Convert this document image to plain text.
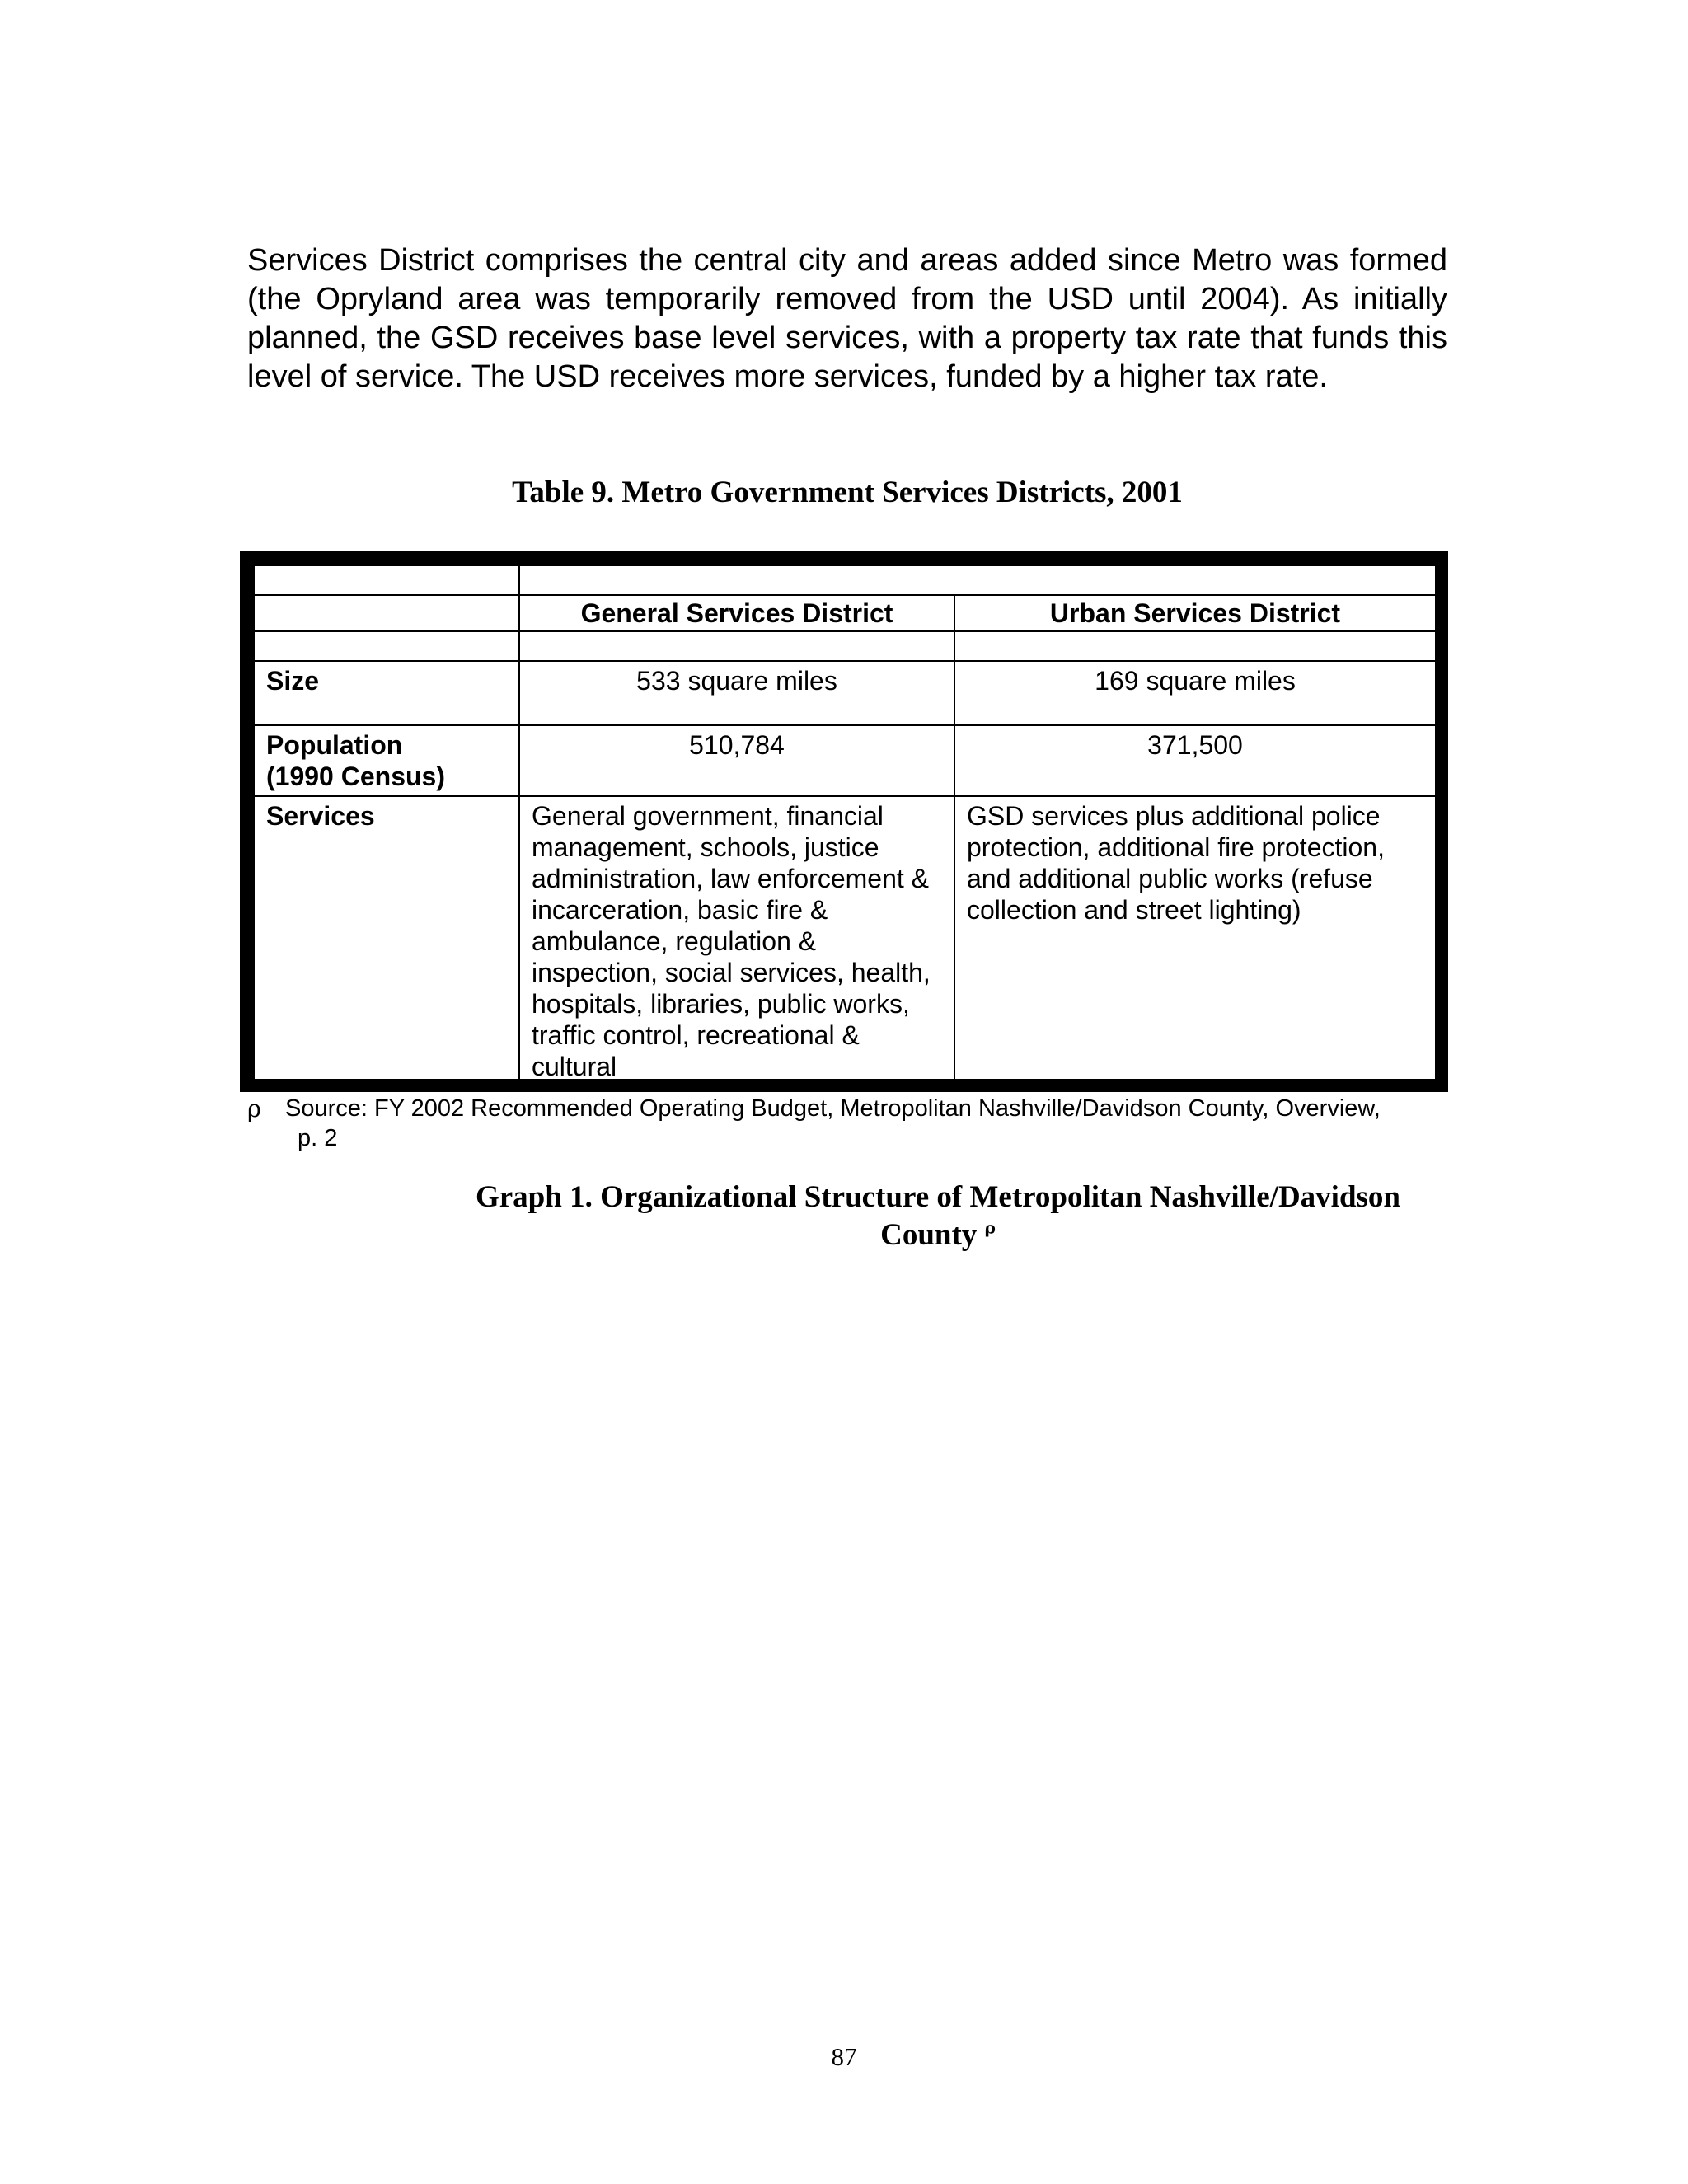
Services District comprises the central city and areas added since Metro was formed (the Opryland area was temporarily removed from the USD until 2004). As initially planned, the GSD receives base level services, with a property tax rate that funds this level of service. The USD receives more services, funded by a higher tax rate.

Table 9. Metro Government Services Districts, 2001

	General Services District	Urban Services District

Size	533 square miles	169 square miles
Population
(1990 Census)	510,784	371,500
Services	General government, financial management, schools, justice administration, law enforcement & incarceration, basic fire & ambulance, regulation & inspection, social services, health, hospitals, libraries, public works, traffic control, recreational & cultural	GSD services plus additional police protection, additional fire protection, and additional public works (refuse collection and street lighting)
ρ Source: FY 2002 Recommended Operating Budget, Metropolitan Nashville/Davidson County, Overview,
p. 2

Graph 1. Organizational Structure of Metropolitan Nashville/Davidson
County $^\rho$

87
